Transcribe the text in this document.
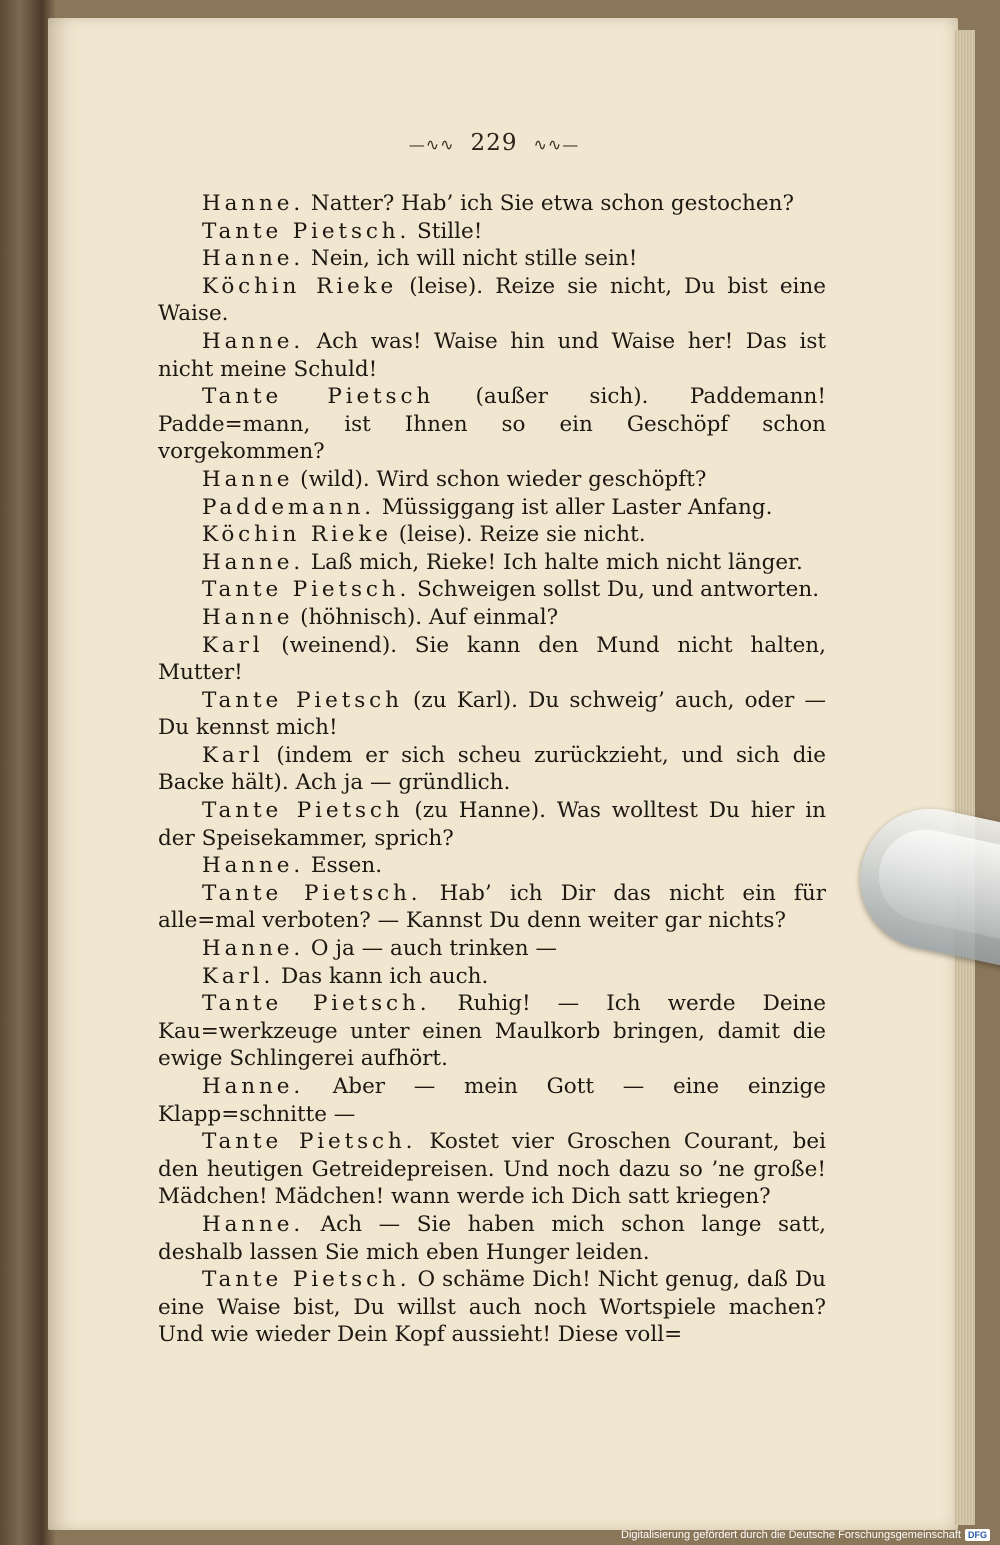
—∿∿ 229 ∿∿—

Hanne. Natter? Hab’ ich Sie etwa schon gestochen?

Tante Pietsch. Stille!

Hanne. Nein, ich will nicht stille sein!

Köchin Rieke (leise). Reize sie nicht, Du bist eine Waise.

Hanne. Ach was! Waise hin und Waise her! Das ist nicht meine Schuld!

Tante Pietsch (außer sich). Paddemann! Padde=mann, ist Ihnen so ein Geschöpf schon vorgekommen?

Hanne (wild). Wird schon wieder geschöpft?

Paddemann. Müssiggang ist aller Laster Anfang.

Köchin Rieke (leise). Reize sie nicht.

Hanne. Laß mich, Rieke! Ich halte mich nicht länger.

Tante Pietsch. Schweigen sollst Du, und antworten.

Hanne (höhnisch). Auf einmal?

Karl (weinend). Sie kann den Mund nicht halten, Mutter!

Tante Pietsch (zu Karl). Du schweig’ auch, oder — Du kennst mich!

Karl (indem er sich scheu zurückzieht, und sich die Backe hält). Ach ja — gründlich.

Tante Pietsch (zu Hanne). Was wolltest Du hier in der Speisekammer, sprich?

Hanne. Essen.

Tante Pietsch. Hab’ ich Dir das nicht ein für alle=mal verboten? — Kannst Du denn weiter gar nichts?

Hanne. O ja — auch trinken —

Karl. Das kann ich auch.

Tante Pietsch. Ruhig! — Ich werde Deine Kau=werkzeuge unter einen Maulkorb bringen, damit die ewige Schlingerei aufhört.

Hanne. Aber — mein Gott — eine einzige Klapp=schnitte —

Tante Pietsch. Kostet vier Groschen Courant, bei den heutigen Getreidepreisen. Und noch dazu so ’ne große! Mädchen! Mädchen! wann werde ich Dich satt kriegen?

Hanne. Ach — Sie haben mich schon lange satt, deshalb lassen Sie mich eben Hunger leiden.

Tante Pietsch. O schäme Dich! Nicht genug, daß Du eine Waise bist, Du willst auch noch Wortspiele machen? Und wie wieder Dein Kopf aussieht! Diese voll=

Digitalisierung gefördert durch die Deutsche Forschungsgemeinschaft DFG
